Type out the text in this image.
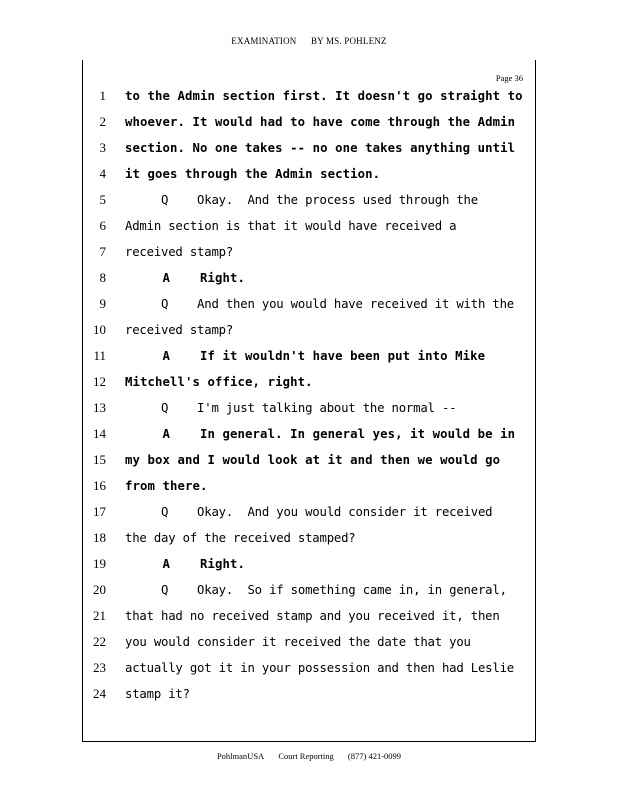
EXAMINATION BY MS. POHLENZ
Page 36
1 to the Admin section first. It doesn't go straight to
2 whoever. It would had to have come through the Admin
3 section. No one takes -- no one takes anything until
4 it goes through the Admin section.
5 Q    Okay.  And the process used through the
6 Admin section is that it would have received a
7 received stamp?
8 A    Right.
9 Q    And then you would have received it with the
10 received stamp?
11 A    If it wouldn't have been put into Mike
12 Mitchell's office, right.
13 Q    I'm just talking about the normal --
14 A    In general. In general yes, it would be in
15 my box and I would look at it and then we would go
16 from there.
17 Q    Okay.  And you would consider it received
18 the day of the received stamped?
19 A    Right.
20 Q    Okay.  So if something came in, in general,
21 that had no received stamp and you received it, then
22 you would consider it received the date that you
23 actually got it in your possession and then had Leslie
24 stamp it?
PohlmanUSA Court Reporting (877) 421-0099
